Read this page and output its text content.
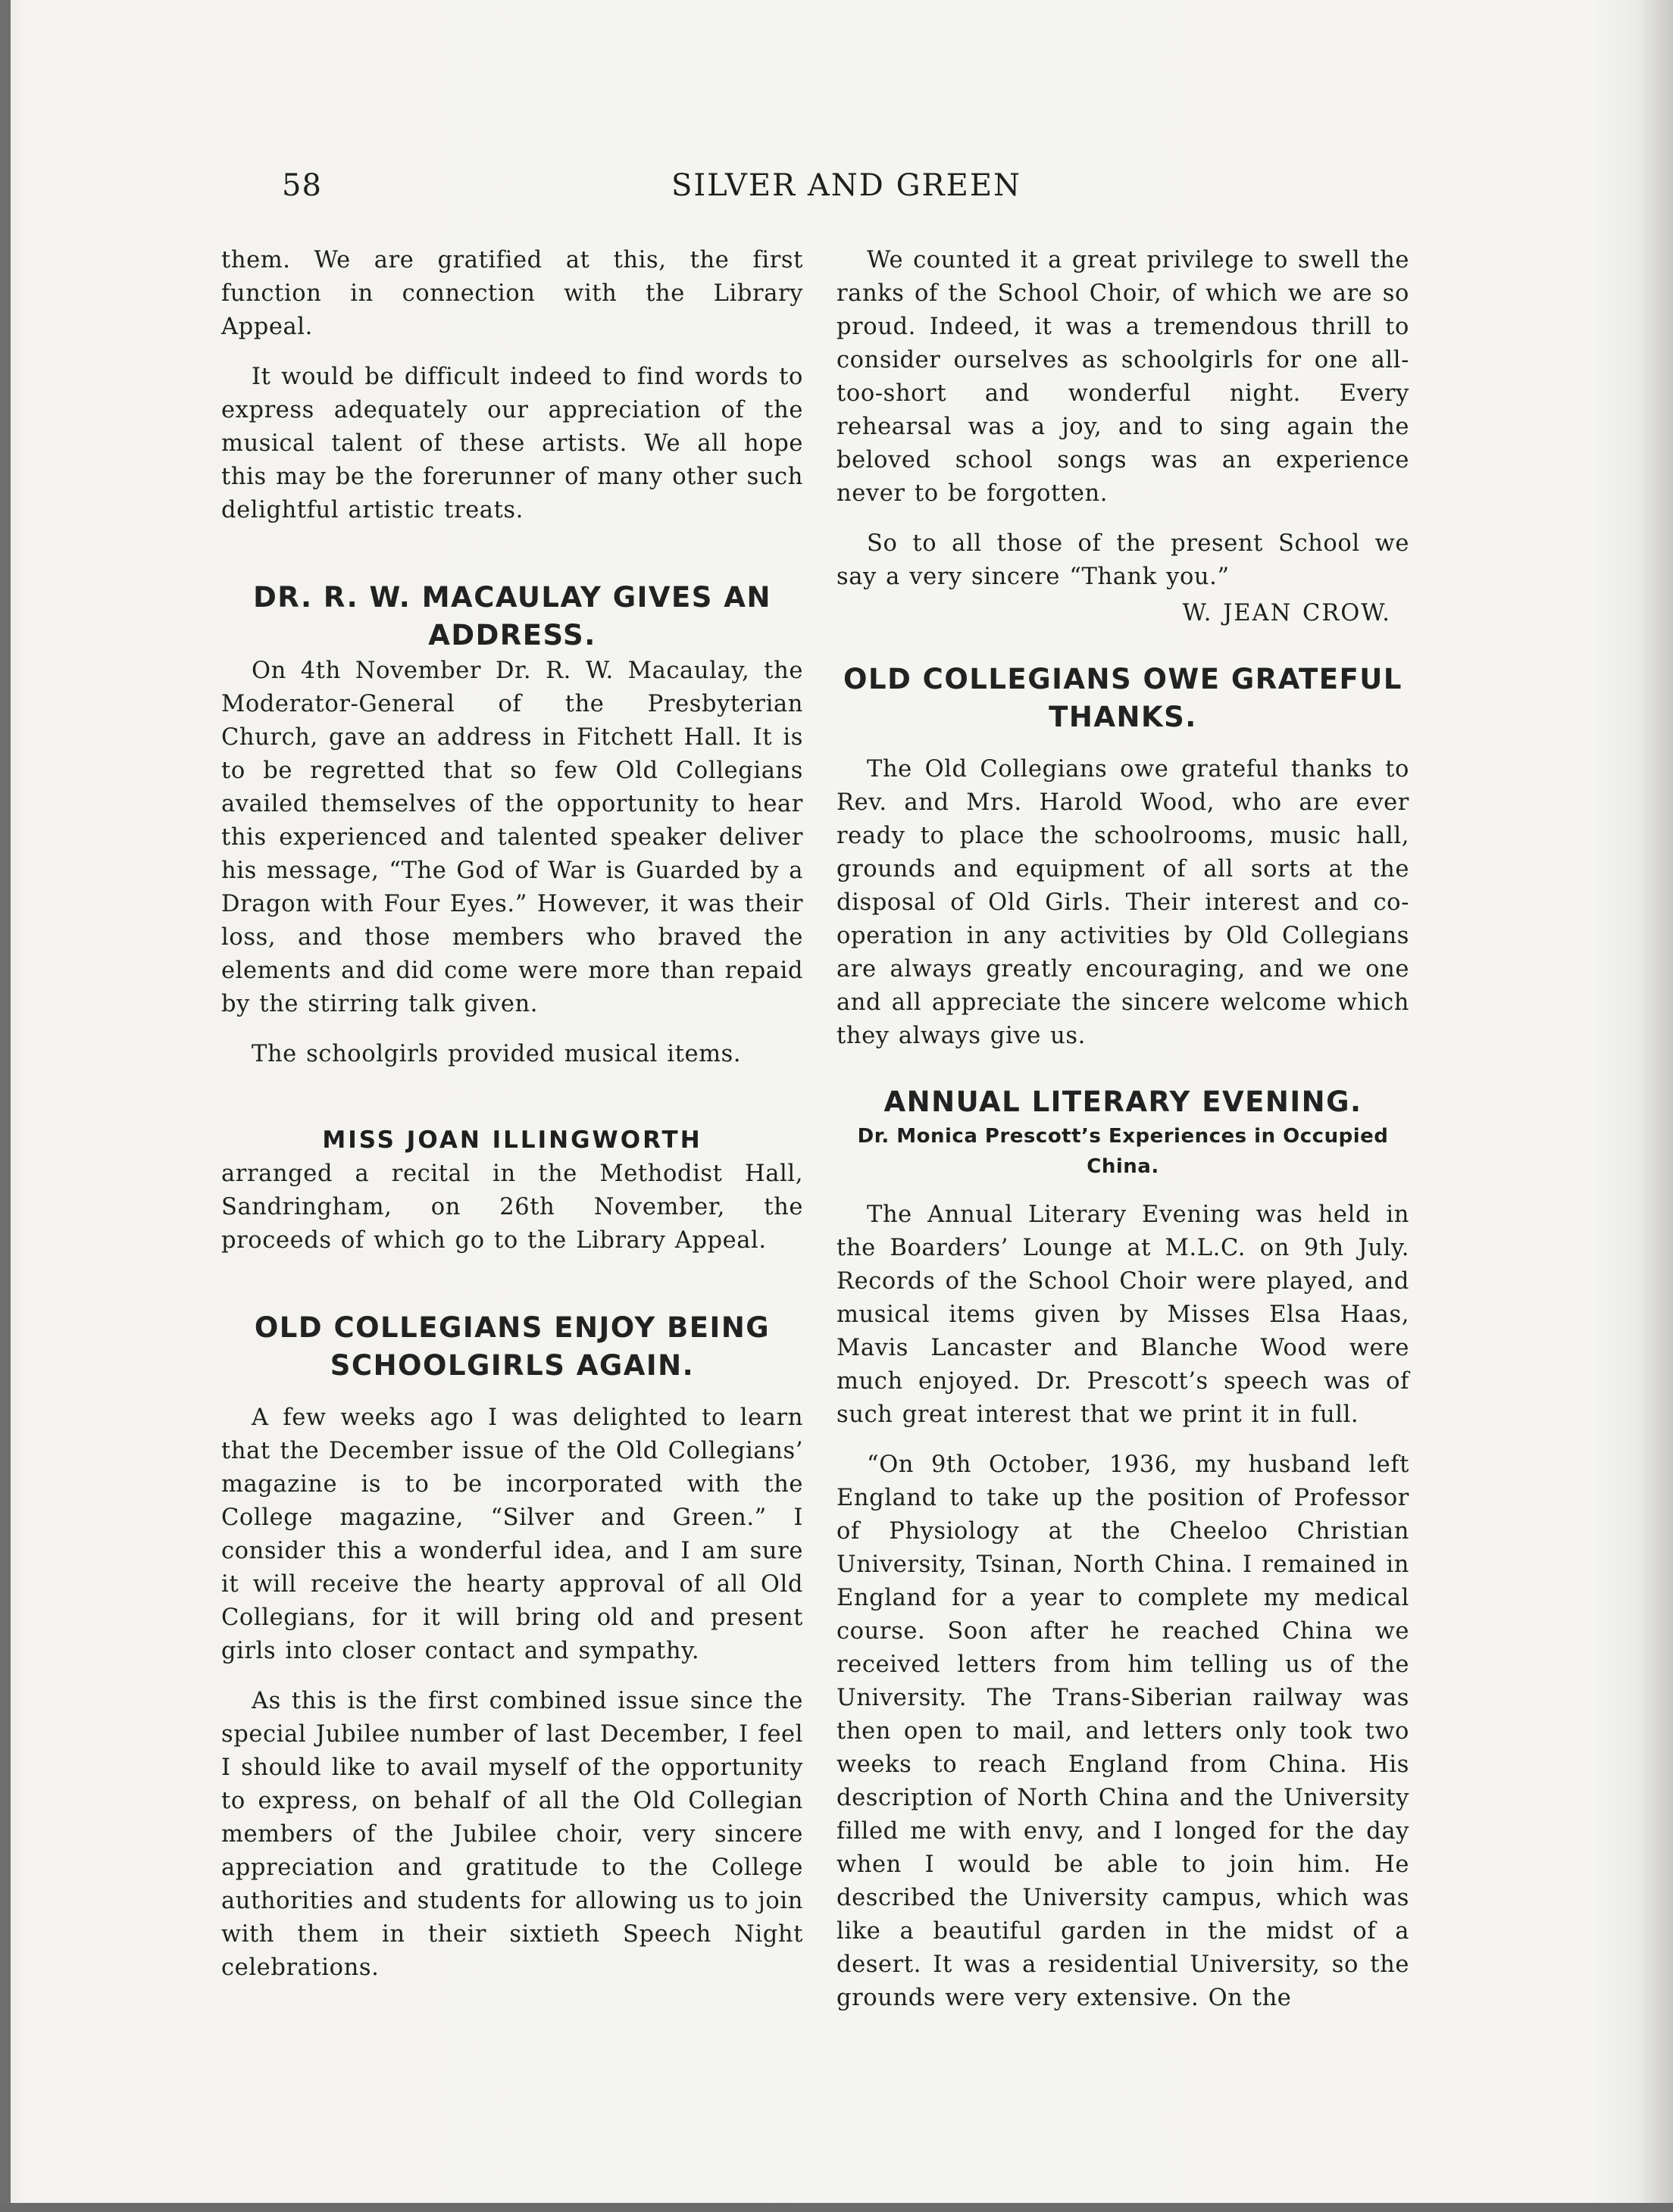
58	SILVER AND GREEN

them. We are gratified at this, the first function in connection with the Library Appeal.

It would be difficult indeed to find words to express adequately our appreciation of the musical talent of these artists. We all hope this may be the forerunner of many other such delightful artistic treats.

DR. R. W. MACAULAY GIVES AN ADDRESS.

On 4th November Dr. R. W. Macaulay, the Moderator-General of the Presbyterian Church, gave an address in Fitchett Hall. It is to be regretted that so few Old Collegians availed themselves of the opportunity to hear this experienced and talented speaker deliver his message, “The God of War is Guarded by a Dragon with Four Eyes.” However, it was their loss, and those members who braved the elements and did come were more than repaid by the stirring talk given.

The schoolgirls provided musical items.

MISS JOAN ILLINGWORTH

arranged a recital in the Methodist Hall, Sandringham, on 26th November, the proceeds of which go to the Library Appeal.

OLD COLLEGIANS ENJOY BEING SCHOOLGIRLS AGAIN.

A few weeks ago I was delighted to learn that the December issue of the Old Collegians’ magazine is to be incorporated with the College magazine, “Silver and Green.” I consider this a wonderful idea, and I am sure it will receive the hearty approval of all Old Collegians, for it will bring old and present girls into closer contact and sympathy.

As this is the first combined issue since the special Jubilee number of last December, I feel I should like to avail myself of the opportunity to express, on behalf of all the Old Collegian members of the Jubilee choir, very sincere appreciation and gratitude to the College authorities and students for allowing us to join with them in their sixtieth Speech Night celebrations.

We counted it a great privilege to swell the ranks of the School Choir, of which we are so proud. Indeed, it was a tremendous thrill to consider ourselves as schoolgirls for one all-too-short and wonderful night. Every rehearsal was a joy, and to sing again the beloved school songs was an experience never to be forgotten.

So to all those of the present School we say a very sincere “Thank you.”

W. JEAN CROW.

OLD COLLEGIANS OWE GRATEFUL THANKS.

The Old Collegians owe grateful thanks to Rev. and Mrs. Harold Wood, who are ever ready to place the schoolrooms, music hall, grounds and equipment of all sorts at the disposal of Old Girls. Their interest and co-operation in any activities by Old Collegians are always greatly encouraging, and we one and all appreciate the sincere welcome which they always give us.

ANNUAL LITERARY EVENING.
Dr. Monica Prescott’s Experiences in Occupied China.

The Annual Literary Evening was held in the Boarders’ Lounge at M.L.C. on 9th July. Records of the School Choir were played, and musical items given by Misses Elsa Haas, Mavis Lancaster and Blanche Wood were much enjoyed. Dr. Prescott’s speech was of such great interest that we print it in full.

“On 9th October, 1936, my husband left England to take up the position of Professor of Physiology at the Cheeloo Christian University, Tsinan, North China. I remained in England for a year to complete my medical course. Soon after he reached China we received letters from him telling us of the University. The Trans-Siberian railway was then open to mail, and letters only took two weeks to reach England from China. His description of North China and the University filled me with envy, and I longed for the day when I would be able to join him. He described the University campus, which was like a beautiful garden in the midst of a desert. It was a residential University, so the grounds were very extensive. On the
